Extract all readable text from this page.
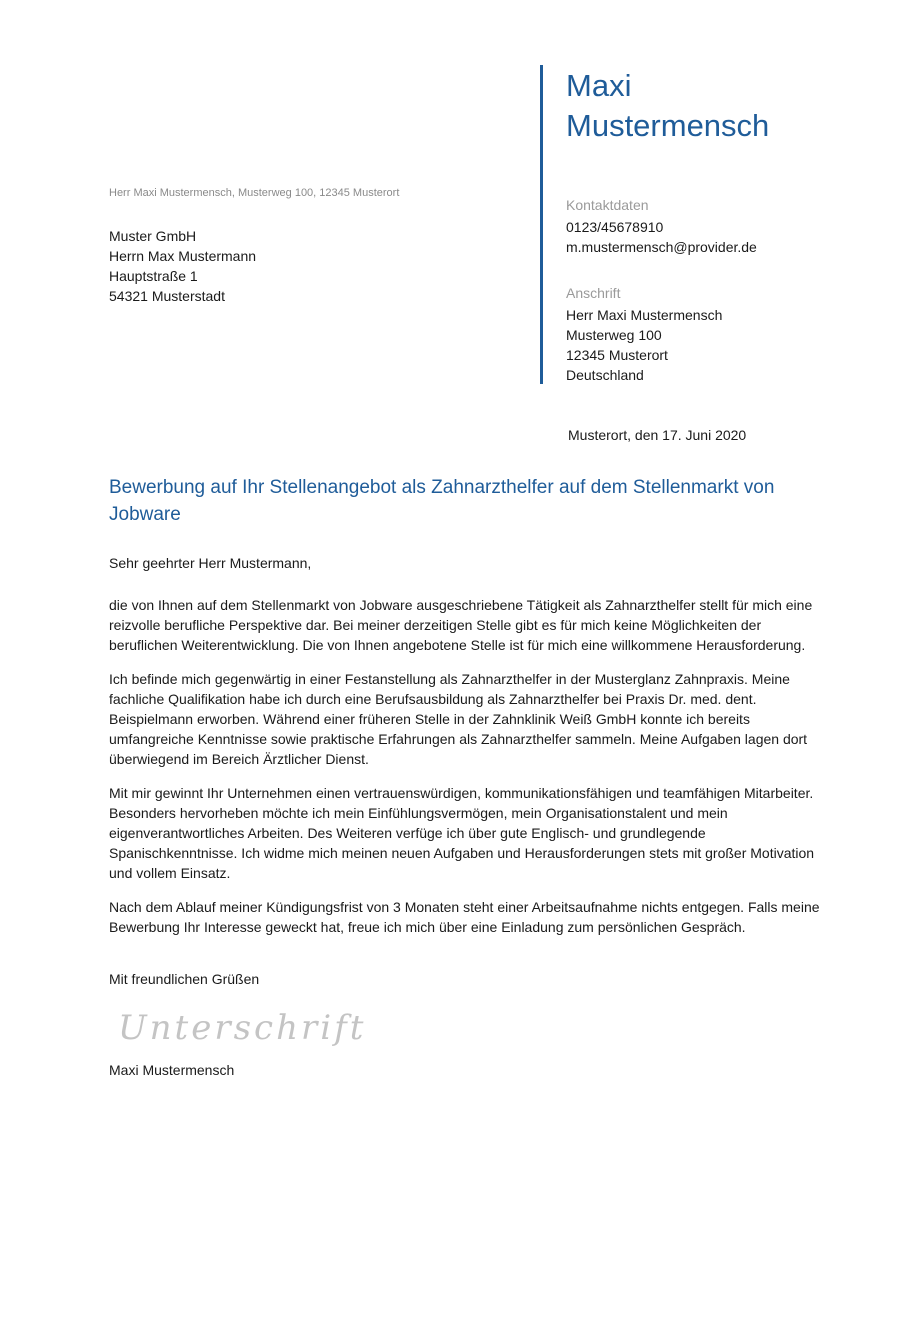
Maxi
Mustermensch
Kontaktdaten
0123/45678910
m.mustermensch@provider.de
Anschrift
Herr Maxi Mustermensch
Musterweg 100
12345 Musterort
Deutschland
Herr Maxi Mustermensch, Musterweg 100, 12345 Musterort
Muster GmbH
Herrn Max Mustermann
Hauptstraße 1
54321 Musterstadt
Musterort, den 17. Juni 2020
Bewerbung auf Ihr Stellenangebot als Zahnarzthelfer auf dem Stellenmarkt von Jobware
Sehr geehrter Herr Mustermann,

die von Ihnen auf dem Stellenmarkt von Jobware ausgeschriebene Tätigkeit als Zahnarzthelfer stellt für mich eine reizvolle berufliche Perspektive dar. Bei meiner derzeitigen Stelle gibt es für mich keine Möglichkeiten der beruflichen Weiterentwicklung. Die von Ihnen angebotene Stelle ist für mich eine willkommene Herausforderung.

Ich befinde mich gegenwärtig in einer Festanstellung als Zahnarzthelfer in der Musterglanz Zahnpraxis. Meine fachliche Qualifikation habe ich durch eine Berufsausbildung als Zahnarzthelfer bei Praxis Dr. med. dent. Beispielmann erworben. Während einer früheren Stelle in der Zahnklinik Weiß GmbH konnte ich bereits umfangreiche Kenntnisse sowie praktische Erfahrungen als Zahnarzthelfer sammeln. Meine Aufgaben lagen dort überwiegend im Bereich Ärztlicher Dienst.

Mit mir gewinnt Ihr Unternehmen einen vertrauenswürdigen, kommunikationsfähigen und teamfähigen Mitarbeiter. Besonders hervorheben möchte ich mein Einfühlungsvermögen, mein Organisationstalent und mein eigenverantwortliches Arbeiten. Des Weiteren verfüge ich über gute Englisch- und grundlegende Spanischkenntnisse. Ich widme mich meinen neuen Aufgaben und Herausforderungen stets mit großer Motivation und vollem Einsatz.

Nach dem Ablauf meiner Kündigungsfrist von 3 Monaten steht einer Arbeitsaufnahme nichts entgegen. Falls meine Bewerbung Ihr Interesse geweckt hat, freue ich mich über eine Einladung zum persönlichen Gespräch.

Mit freundlichen Grüßen
Unterschrift
Maxi Mustermensch
